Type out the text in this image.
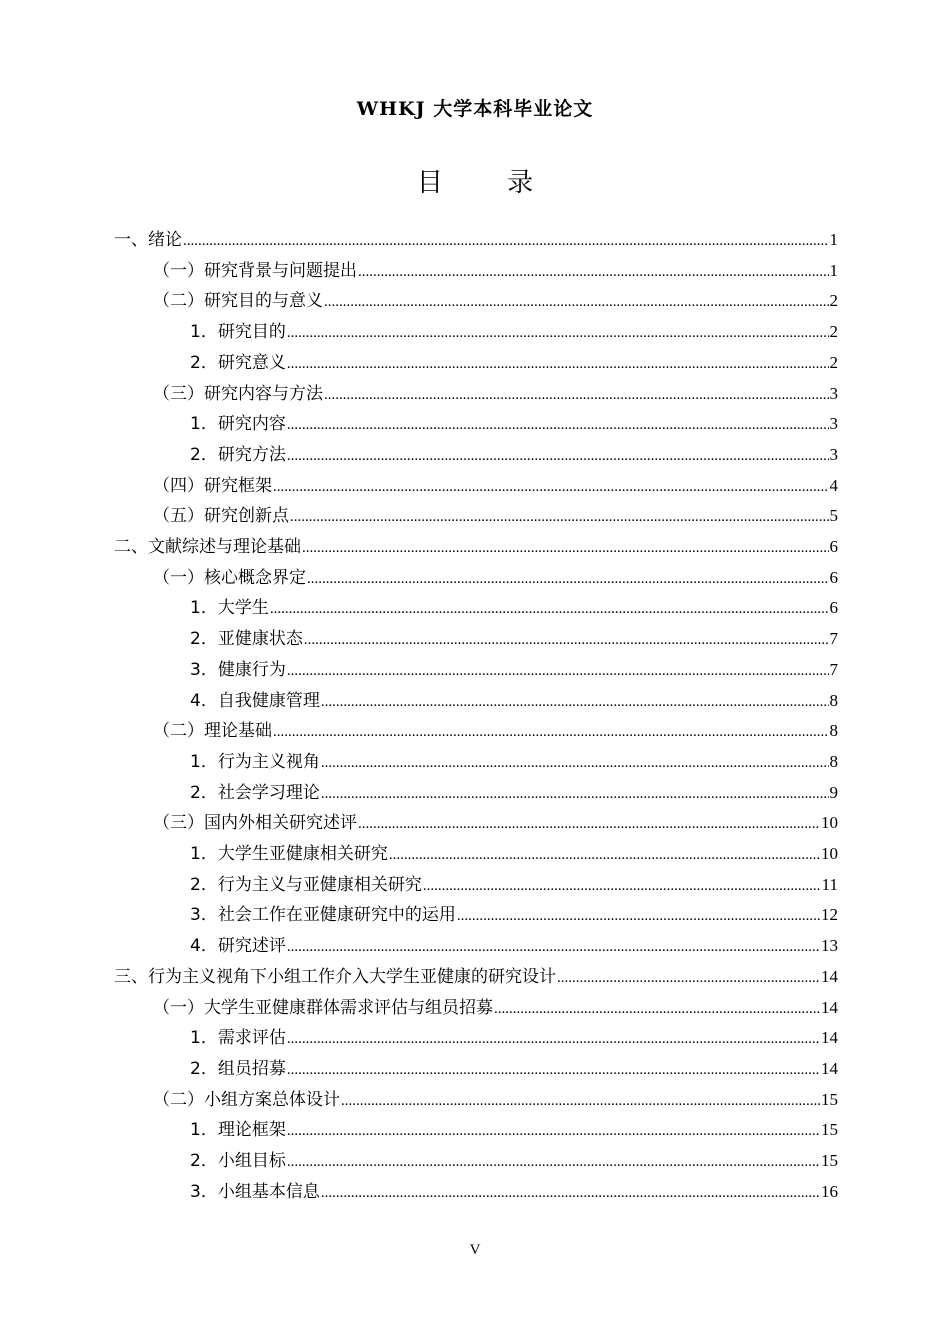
WHKJ 大学本科毕业论文
目 录
一、绪论 .....	1
（一）研究背景与问题提出 .....	1
（二）研究目的与意义 .....	2
1．研究目的 .....	2
2．研究意义 .....	2
（三）研究内容与方法 .....	3
1．研究内容 .....	3
2．研究方法 .....	3
（四）研究框架 .....	4
（五）研究创新点 .....	5
二、文献综述与理论基础 .....	6
（一）核心概念界定 .....	6
1．大学生 .....	6
2．亚健康状态 .....	7
3．健康行为 .....	7
4．自我健康管理 .....	8
（二）理论基础 .....	8
1．行为主义视角 .....	8
2．社会学习理论 .....	9
（三）国内外相关研究述评 .....	10
1．大学生亚健康相关研究 .....	10
2．行为主义与亚健康相关研究 .....	11
3．社会工作在亚健康研究中的运用 .....	12
4．研究述评 .....	13
三、行为主义视角下小组工作介入大学生亚健康的研究设计 .....	14
（一）大学生亚健康群体需求评估与组员招募 .....	14
1．需求评估 .....	14
2．组员招募 .....	14
（二）小组方案总体设计 .....	15
1．理论框架 .....	15
2．小组目标 .....	15
3．小组基本信息 .....	16
V
